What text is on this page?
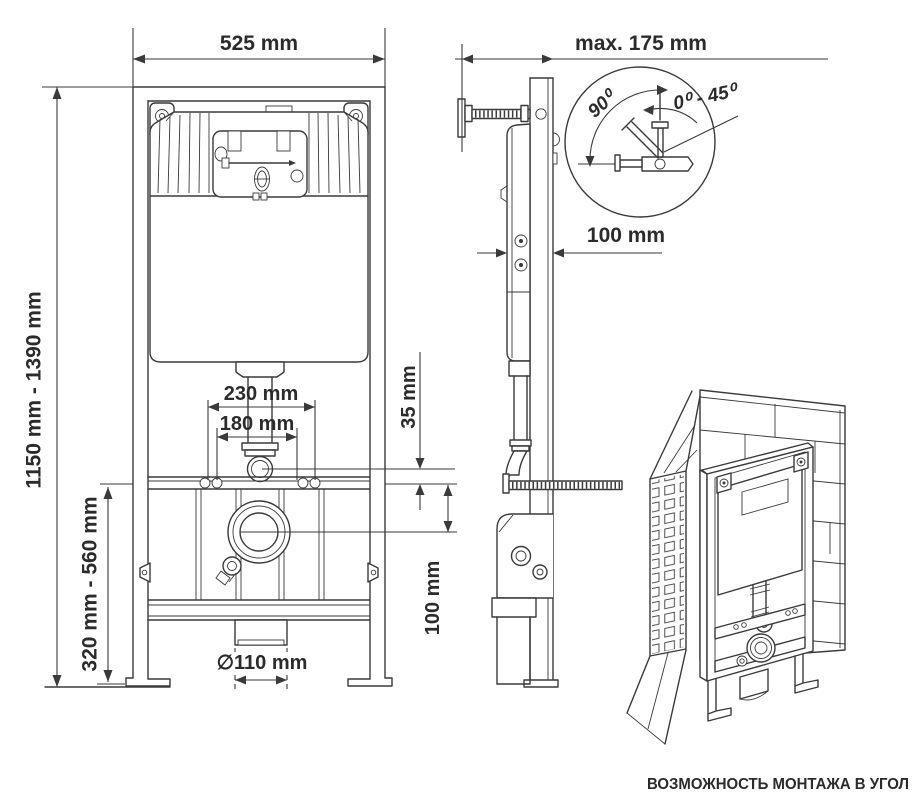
525 mm
1150 mm - 1390 mm
320 mm - 560 mm
230 mm
180 mm	35 mm
100 mm
∅110 mm
max. 175 mm
100 mm
90⁰	0⁰ - 45⁰
ВОЗМОЖНОСТЬ МОНТАЖА В УГОЛ
